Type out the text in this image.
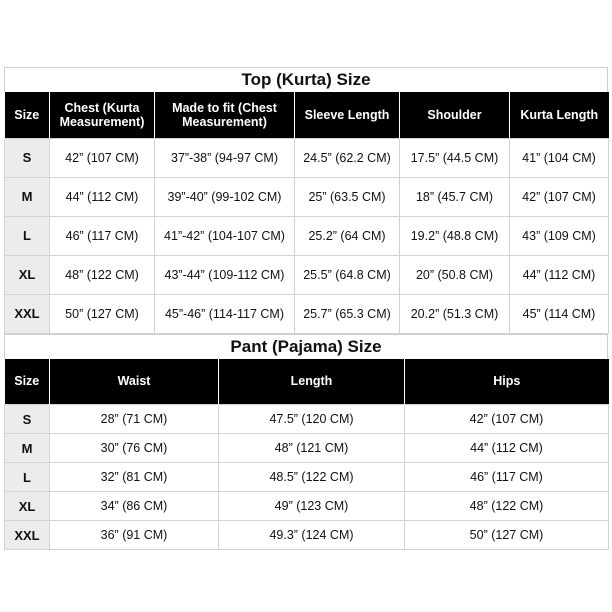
Top (Kurta) Size
Size	Chest (Kurta Measurement)	Made to fit (Chest Measurement)	Sleeve Length	Shoulder	Kurta Length
S	42” (107 CM)	37”-38” (94-97 CM)	24.5” (62.2 CM)	17.5” (44.5 CM)	41” (104 CM)
M	44” (112 CM)	39”-40” (99-102 CM)	25” (63.5 CM)	18” (45.7 CM)	42” (107 CM)
L	46” (117 CM)	41”-42” (104-107 CM)	25.2” (64 CM)	19.2” (48.8 CM)	43” (109 CM)
XL	48” (122 CM)	43”-44” (109-112 CM)	25.5” (64.8 CM)	20” (50.8 CM)	44” (112 CM)
XXL	50” (127 CM)	45”-46” (114-117 CM)	25.7” (65.3 CM)	20.2” (51.3 CM)	45” (114 CM)
Pant (Pajama) Size
Size	Waist	Length	Hips
S	28” (71 CM)	47.5” (120 CM)	42” (107 CM)
M	30” (76 CM)	48” (121 CM)	44” (112 CM)
L	32” (81 CM)	48.5” (122 CM)	46” (117 CM)
XL	34” (86 CM)	49” (123 CM)	48” (122 CM)
XXL	36” (91 CM)	49.3” (124 CM)	50” (127 CM)
